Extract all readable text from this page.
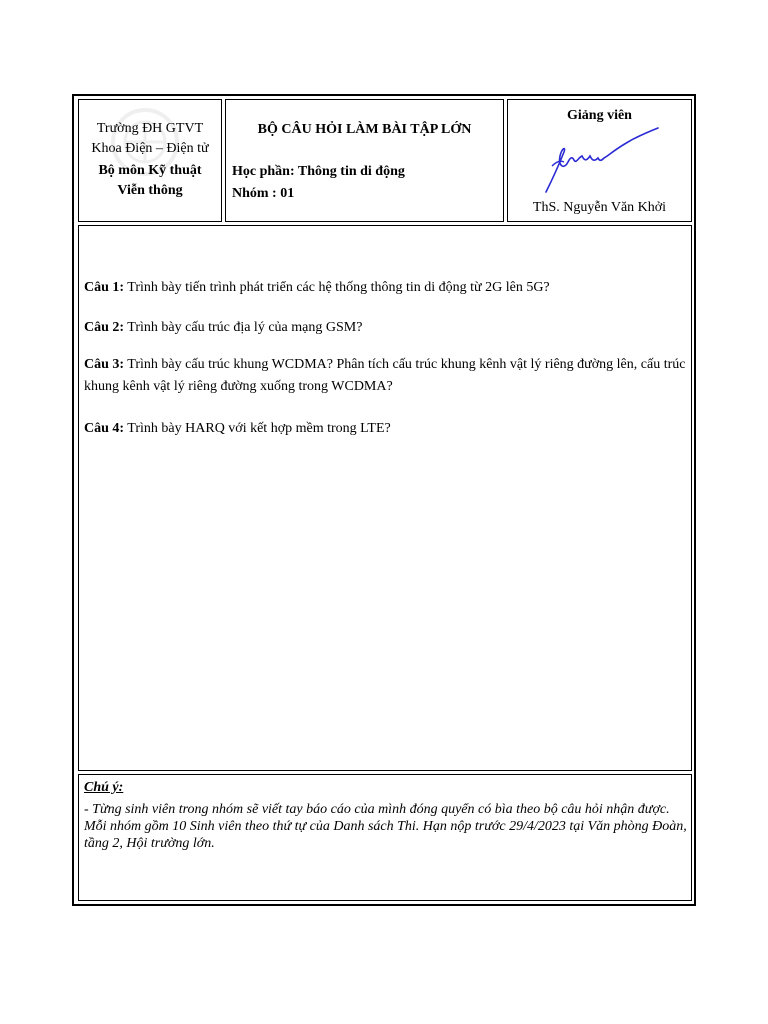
Trường ĐH GTVT
Khoa Điện – Điện tử
Bộ môn Kỹ thuật
Viễn thông
BỘ CÂU HỎI LÀM BÀI TẬP LỚN
Học phần: Thông tin di động
Nhóm : 01
Giảng viên
ThS. Nguyễn Văn Khởi
Câu 1: Trình bày tiến trình phát triển các hệ thống thông tin di động từ 2G lên 5G?
Câu 2: Trình bày cấu trúc địa lý của mạng GSM?
Câu 3: Trình bày cấu trúc khung WCDMA? Phân tích cấu trúc khung kênh vật lý riêng đường lên, cấu trúc khung kênh vật lý riêng đường xuống trong WCDMA?
Câu 4: Trình bày HARQ với kết hợp mềm trong LTE?
Chú ý:
- Từng sinh viên trong nhóm sẽ viết tay báo cáo của mình đóng quyển có bìa theo bộ câu hỏi nhận được. Mỗi nhóm gồm 10 Sinh viên theo thứ tự của Danh sách Thi. Hạn nộp trước 29/4/2023 tại Văn phòng Đoàn, tầng 2, Hội trường lớn.
